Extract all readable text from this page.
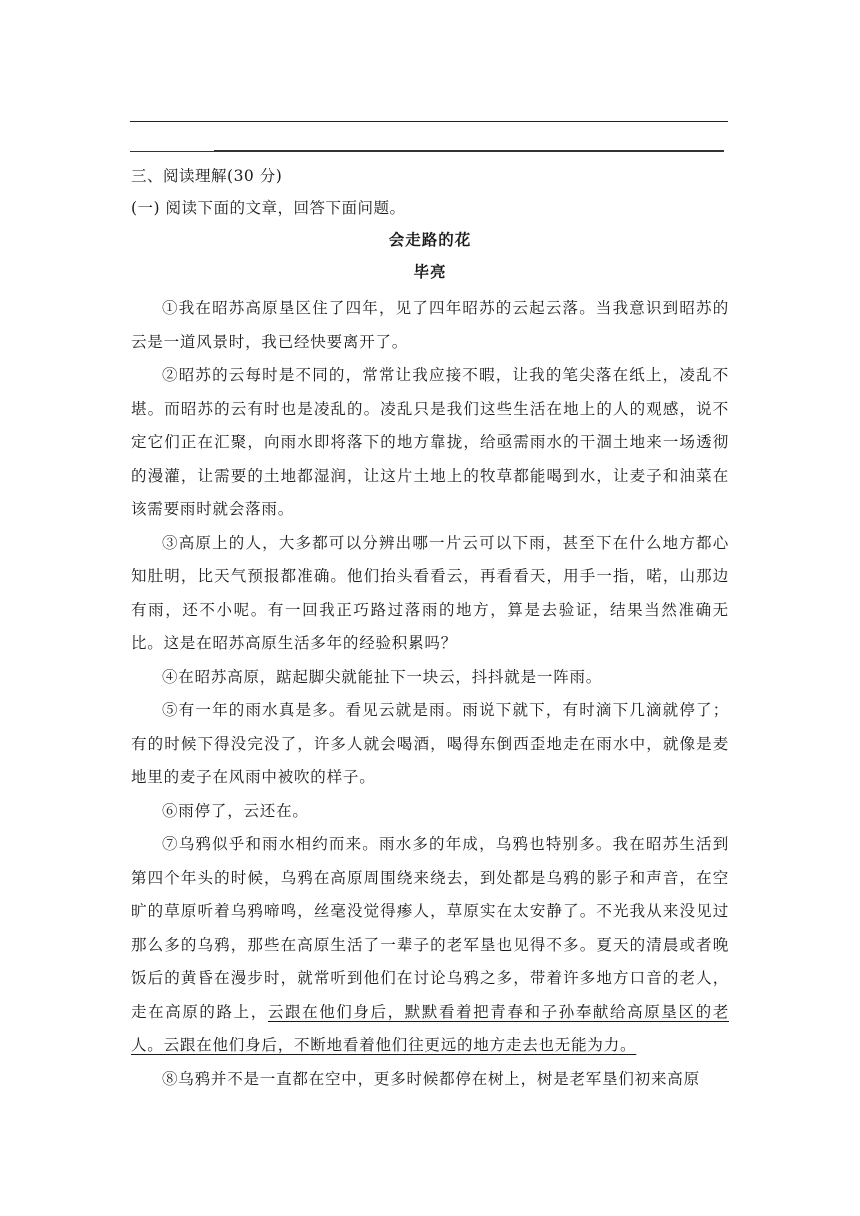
三、阅读理解(30 分)
(一) 阅读下面的文章，回答下面问题。
会走路的花
毕亮

①我在昭苏高原垦区住了四年，见了四年昭苏的云起云落。当我意识到昭苏的云是一道风景时，我已经快要离开了。

②昭苏的云每时是不同的，常常让我应接不暇，让我的笔尖落在纸上，凌乱不堪。而昭苏的云有时也是凌乱的。凌乱只是我们这些生活在地上的人的观感，说不定它们正在汇聚，向雨水即将落下的地方靠拢，给亟需雨水的干涸土地来一场透彻的漫灌，让需要的土地都湿润，让这片土地上的牧草都能喝到水，让麦子和油菜在该需要雨时就会落雨。

③高原上的人，大多都可以分辨出哪一片云可以下雨，甚至下在什么地方都心知肚明，比天气预报都准确。他们抬头看看云，再看看天，用手一指，喏，山那边有雨，还不小呢。有一回我正巧路过落雨的地方，算是去验证，结果当然准确无比。这是在昭苏高原生活多年的经验积累吗？

④在昭苏高原，踮起脚尖就能扯下一块云，抖抖就是一阵雨。

⑤有一年的雨水真是多。看见云就是雨。雨说下就下，有时滴下几滴就停了；有的时候下得没完没了，许多人就会喝酒，喝得东倒西歪地走在雨水中，就像是麦地里的麦子在风雨中被吹的样子。

⑥雨停了，云还在。

⑦乌鸦似乎和雨水相约而来。雨水多的年成，乌鸦也特别多。我在昭苏生活到第四个年头的时候，乌鸦在高原周围绕来绕去，到处都是乌鸦的影子和声音，在空旷的草原听着乌鸦啼鸣，丝毫没觉得瘆人，草原实在太安静了。不光我从来没见过那么多的乌鸦，那些在高原生活了一辈子的老军垦也见得不多。夏天的清晨或者晚饭后的黄昏在漫步时，就常听到他们在讨论乌鸦之多，带着许多地方口音的老人，走在高原的路上，云跟在他们身后，默默看着把青春和子孙奉献给高原垦区的老人。云跟在他们身后，不断地看着他们往更远的地方走去也无能为力。

⑧乌鸦并不是一直都在空中，更多时候都停在树上，树是老军垦们初来高原
